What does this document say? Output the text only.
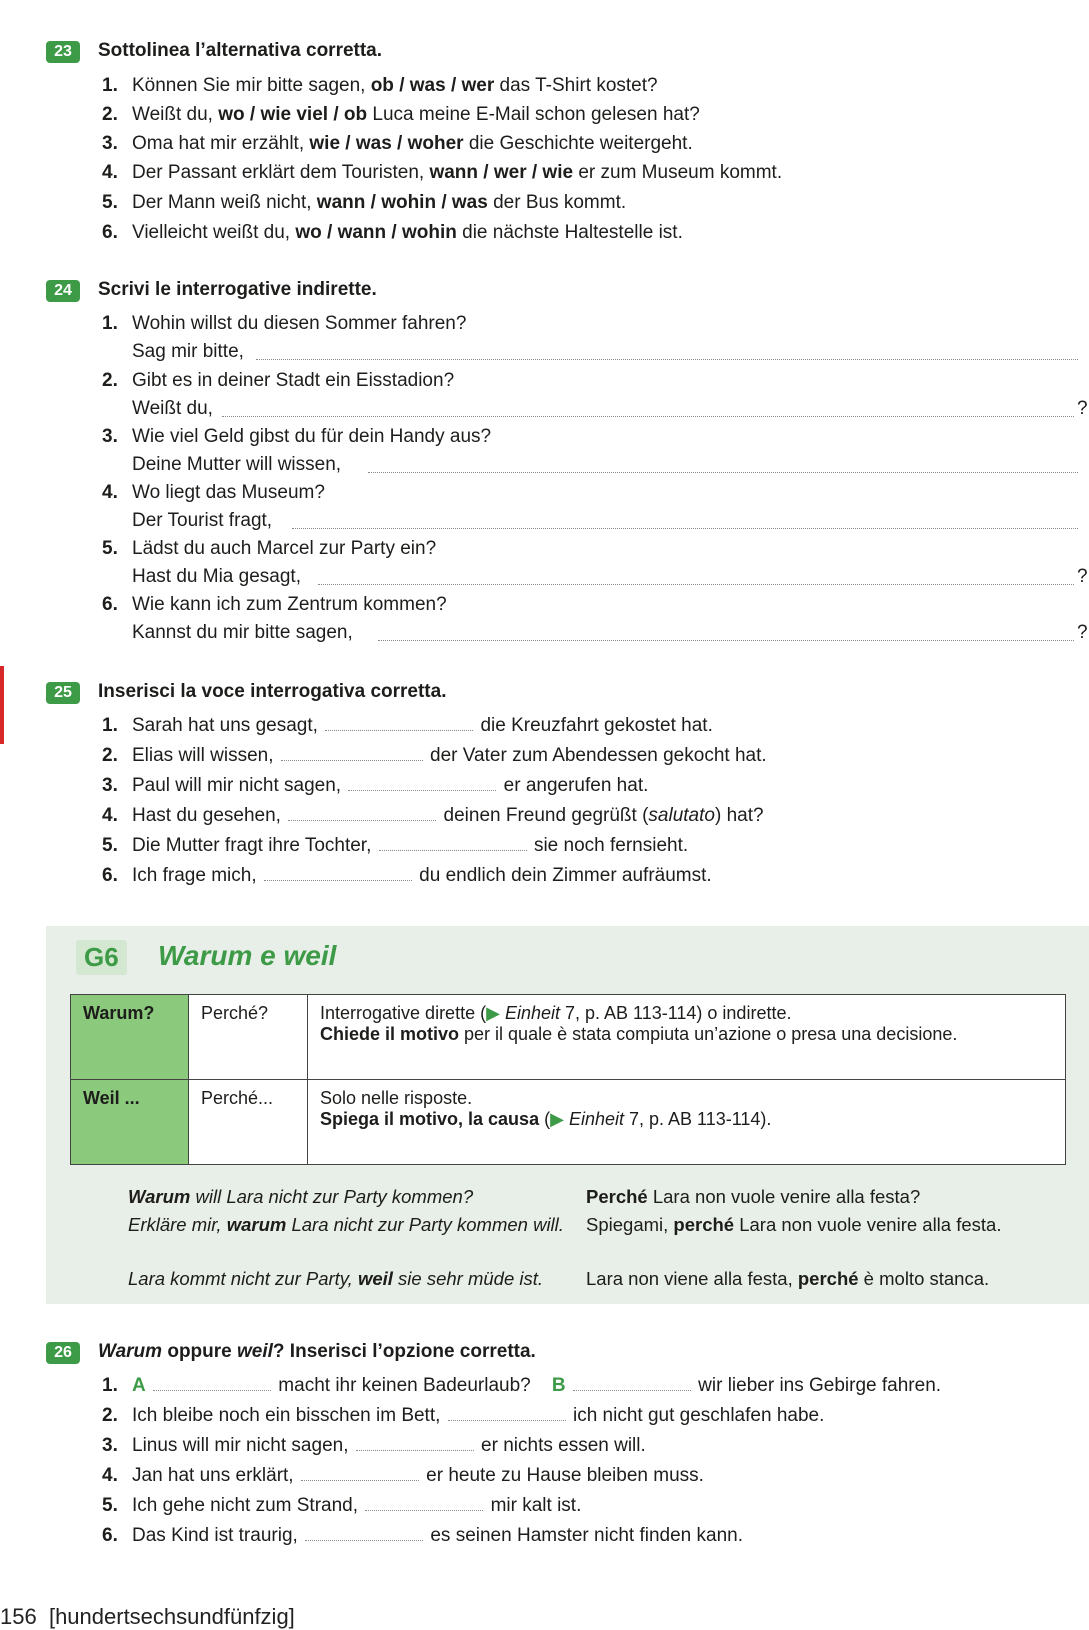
23	Sottolinea l’alternativa corretta.
1. Können Sie mir bitte sagen, ob / was / wer das T-Shirt kostet?
2. Weißt du, wo / wie viel / ob Luca meine E-Mail schon gelesen hat?
3. Oma hat mir erzählt, wie / was / woher die Geschichte weitergeht.
4. Der Passant erklärt dem Touristen, wann / wer / wie er zum Museum kommt.
5. Der Mann weiß nicht, wann / wohin / was der Bus kommt.
6. Vielleicht weißt du, wo / wann / wohin die nächste Haltestelle ist.
24	Scrivi le interrogative indirette.
1. Wohin willst du diesen Sommer fahren?
Sag mir bitte,
2. Gibt es in deiner Stadt ein Eisstadion?
Weißt du,	?
3. Wie viel Geld gibst du für dein Handy aus?
Deine Mutter will wissen,
4. Wo liegt das Museum?
Der Tourist fragt,
5. Lädst du auch Marcel zur Party ein?
Hast du Mia gesagt,	?
6. Wie kann ich zum Zentrum kommen?
Kannst du mir bitte sagen,	?
25	Inserisci la voce interrogativa corretta.
1. Sarah hat uns gesagt,	die Kreuzfahrt gekostet hat.
2. Elias will wissen,	der Vater zum Abendessen gekocht hat.
3. Paul will mir nicht sagen,	er angerufen hat.
4. Hast du gesehen,	deinen Freund gegrüßt (salutato) hat?
5. Die Mutter fragt ihre Tochter,	sie noch fernsieht.
6. Ich frage mich,	du endlich dein Zimmer aufräumst.
G6 Warum e weil
Warum?	Perché?	Interrogative dirette (▶ Einheit 7, p. AB 113-114) o indirette.
Chiede il motivo per il quale è stata compiuta un’azione o presa una decisione.
Weil ...	Perché...	Solo nelle risposte.
Spiega il motivo, la causa (▶ Einheit 7, p. AB 113-114).
Warum will Lara nicht zur Party kommen?	Perché Lara non vuole venire alla festa?
Erkläre mir, warum Lara nicht zur Party kommen will. Spiegami, perché Lara non vuole venire alla festa.
Lara kommt nicht zur Party, weil sie sehr müde ist.	Lara non viene alla festa, perché è molto stanca.
26	Warum oppure weil? Inserisci l’opzione corretta.
1. A	macht ihr keinen Badeurlaub? B	wir lieber ins Gebirge fahren.
2. Ich bleibe noch ein bisschen im Bett,	ich nicht gut geschlafen habe.
3. Linus will mir nicht sagen,	er nichts essen will.
4. Jan hat uns erklärt,	er heute zu Hause bleiben muss.
5. Ich gehe nicht zum Strand,	mir kalt ist.
6. Das Kind ist traurig,	es seinen Hamster nicht finden kann.
156 [hundertsechsundfünfzig]
